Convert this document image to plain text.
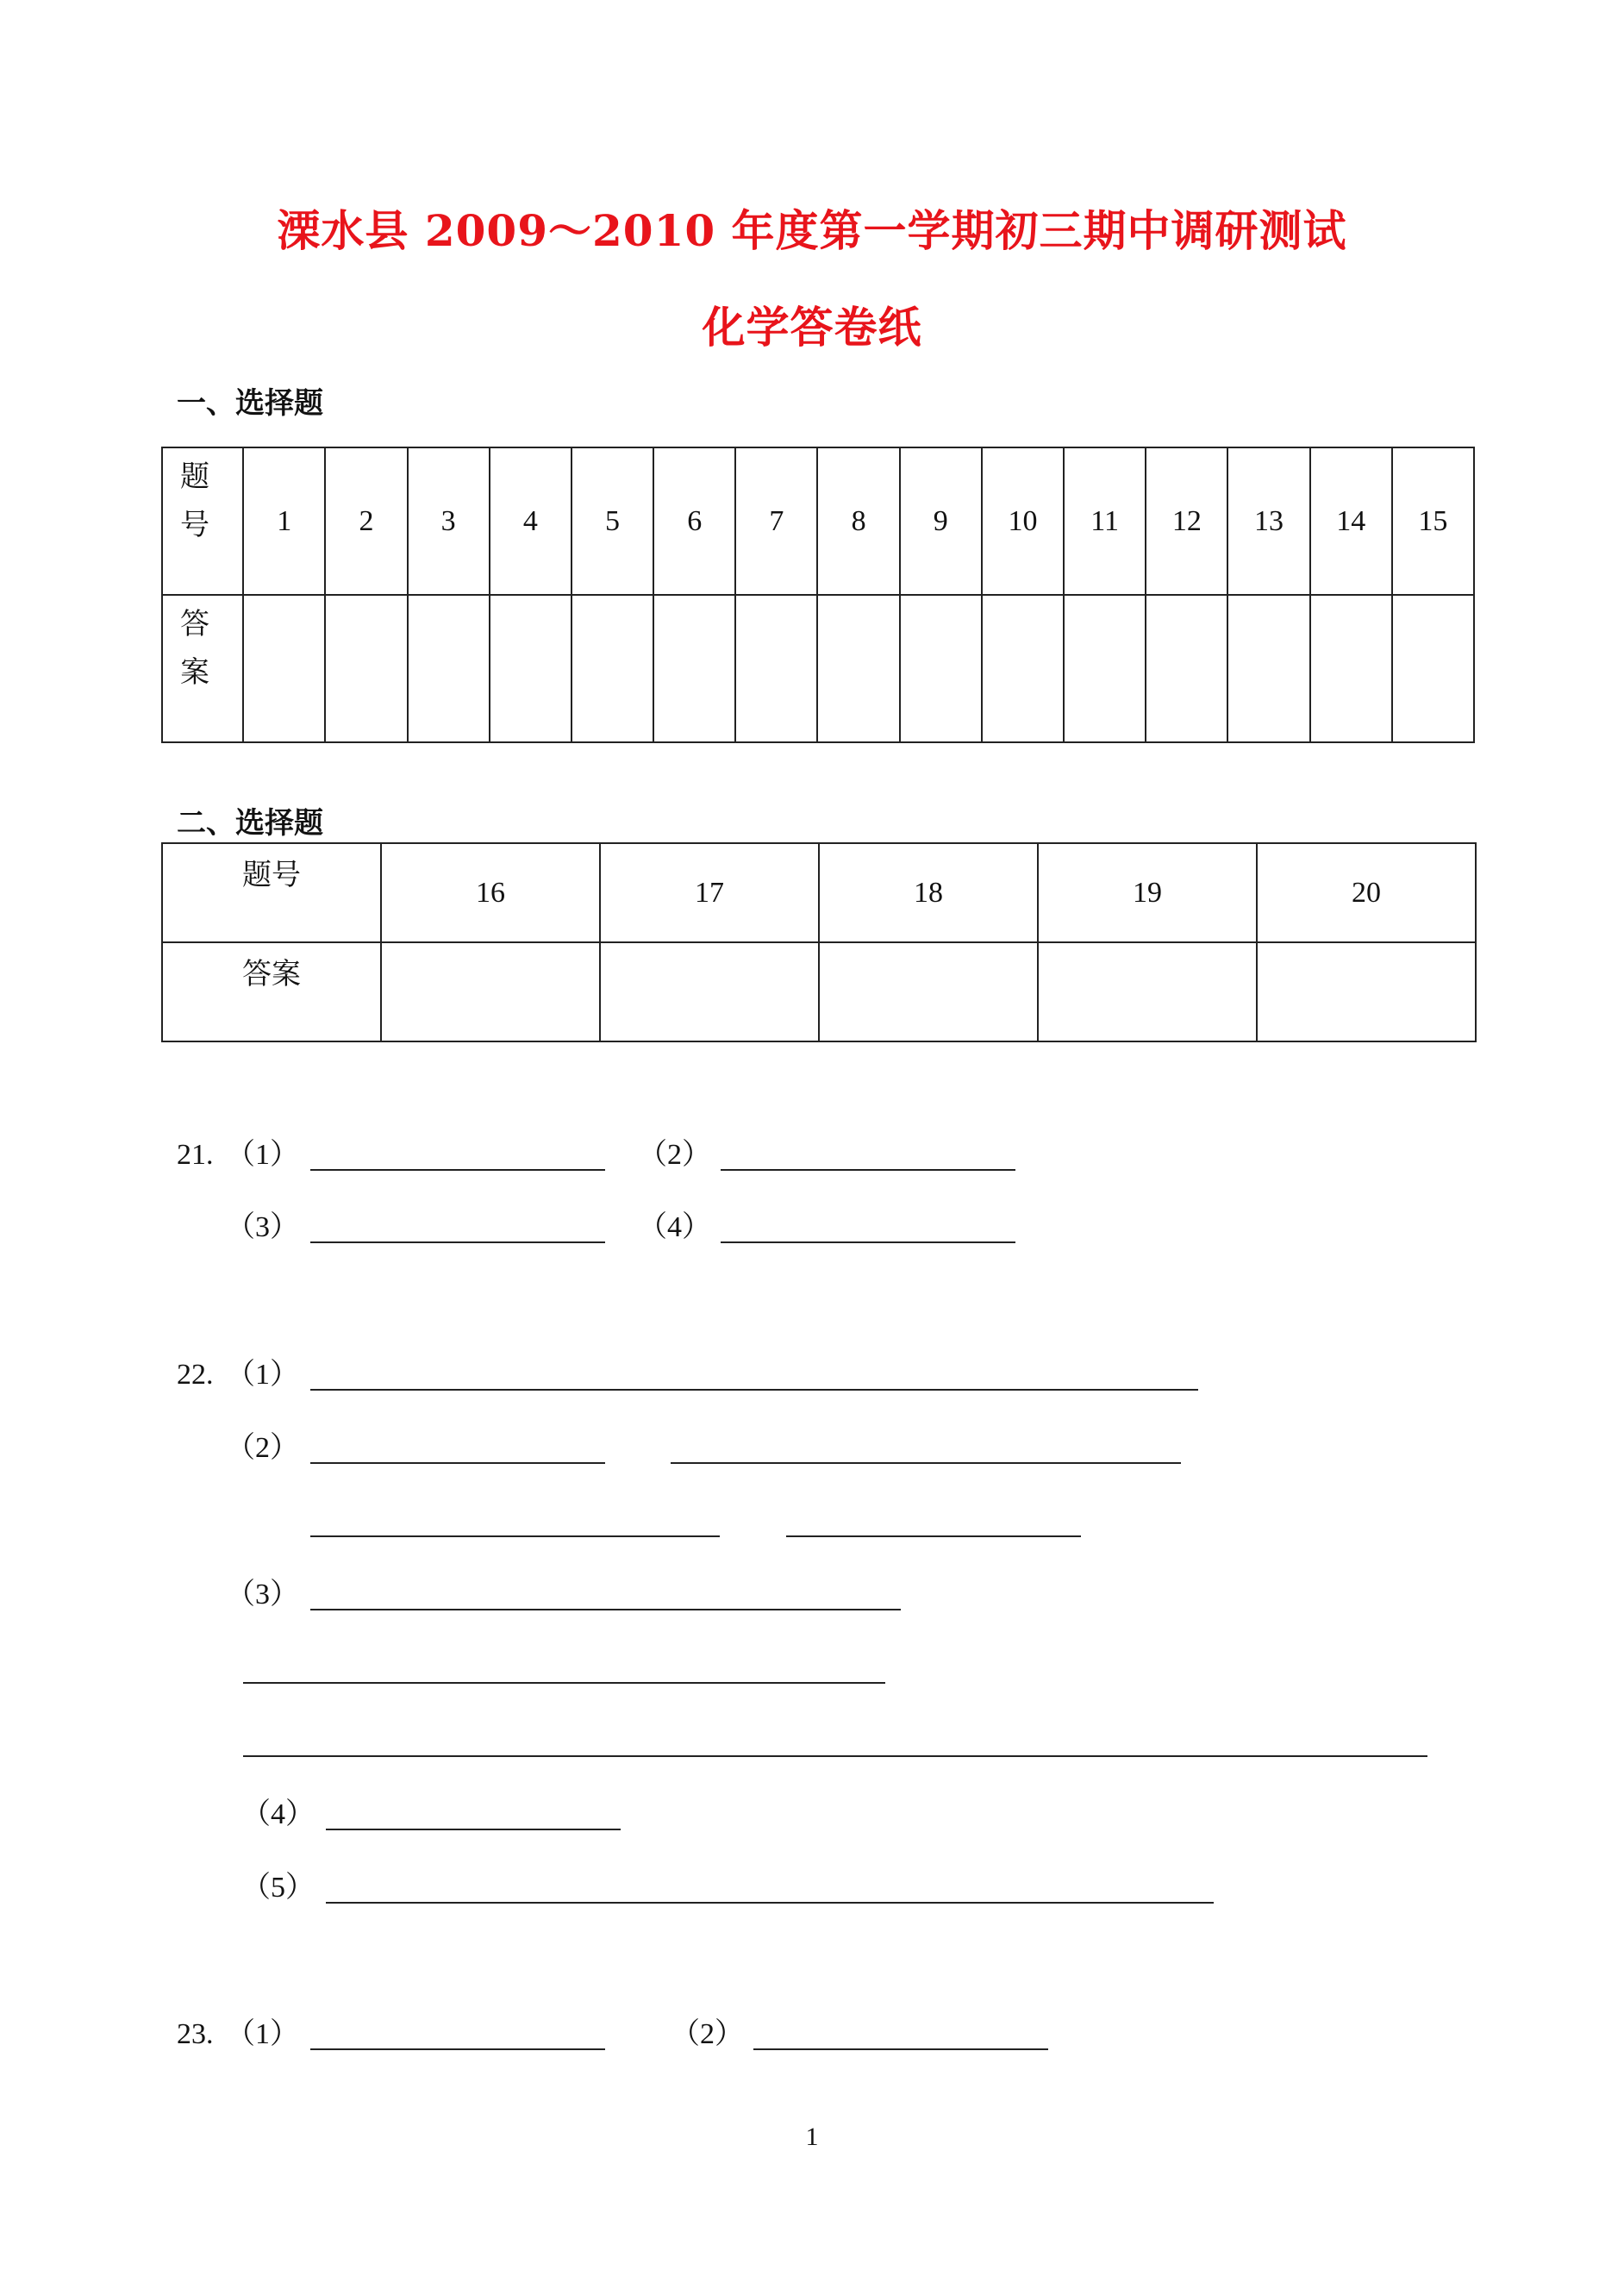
溧水县 2009～2010 年度第一学期初三期中调研测试
化学答卷纸
一、选择题
题
号	1	2	3	4	5	6	7	8	9	10	11	12	13	14	15

答
案															

二、选择题
题号	16	17	18	19	20
答案					
21. （1）	（2）
（3）	（4）
22. （1）
（2）
（3）
（4）
（5）
23. （1）	（2）
1
